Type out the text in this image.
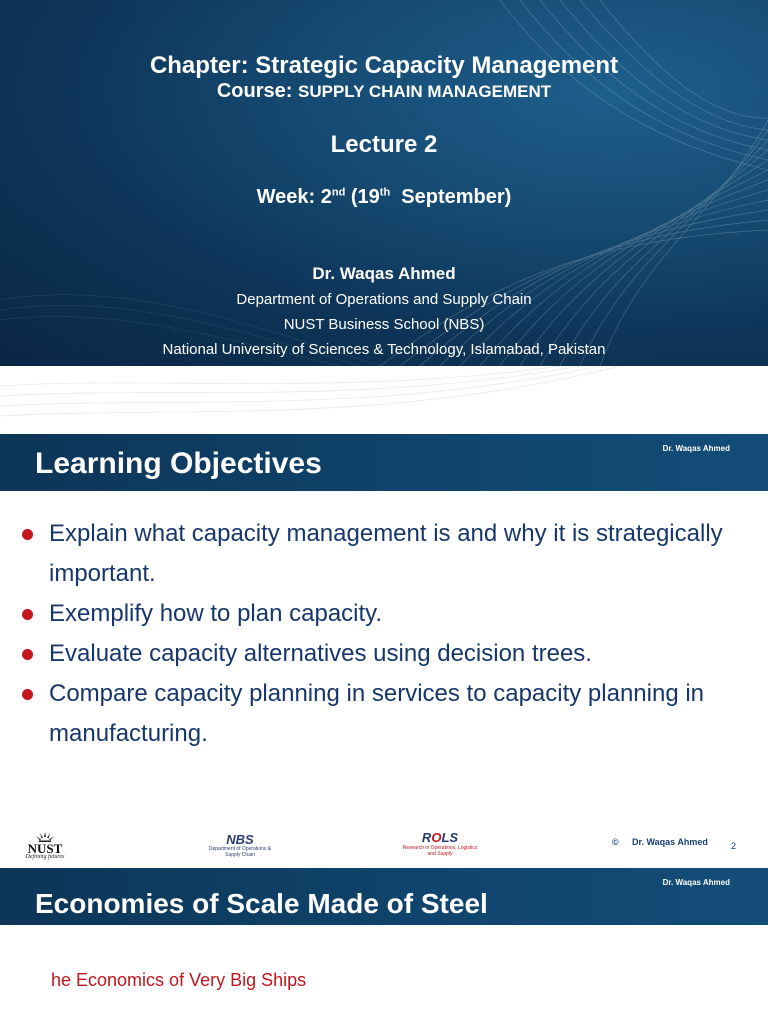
Chapter: Strategic Capacity Management
Course: SUPPLY CHAIN MANAGEMENT
Lecture 2
Week: 2nd (19th  September)
Dr. Waqas Ahmed
Department of Operations and Supply Chain
NUST Business School (NBS)
National University of Sciences & Technology, Islamabad, Pakistan
Learning Objectives	Dr. Waqas Ahmed
Explain what capacity management is and why it is strategically important.
Exemplify how to plan capacity.
Evaluate capacity alternatives using decision trees.
Compare capacity planning in services to capacity planning in manufacturing.
NUST
Defining futures
NBS
Department of Operations & Supply Chain
ROLS
Research in Operations, Logistics and Supply
© Dr. Waqas Ahmed	2
Economies of Scale Made of Steel
Dr. Waqas Ahmed
he Economics of Very Big Ships
